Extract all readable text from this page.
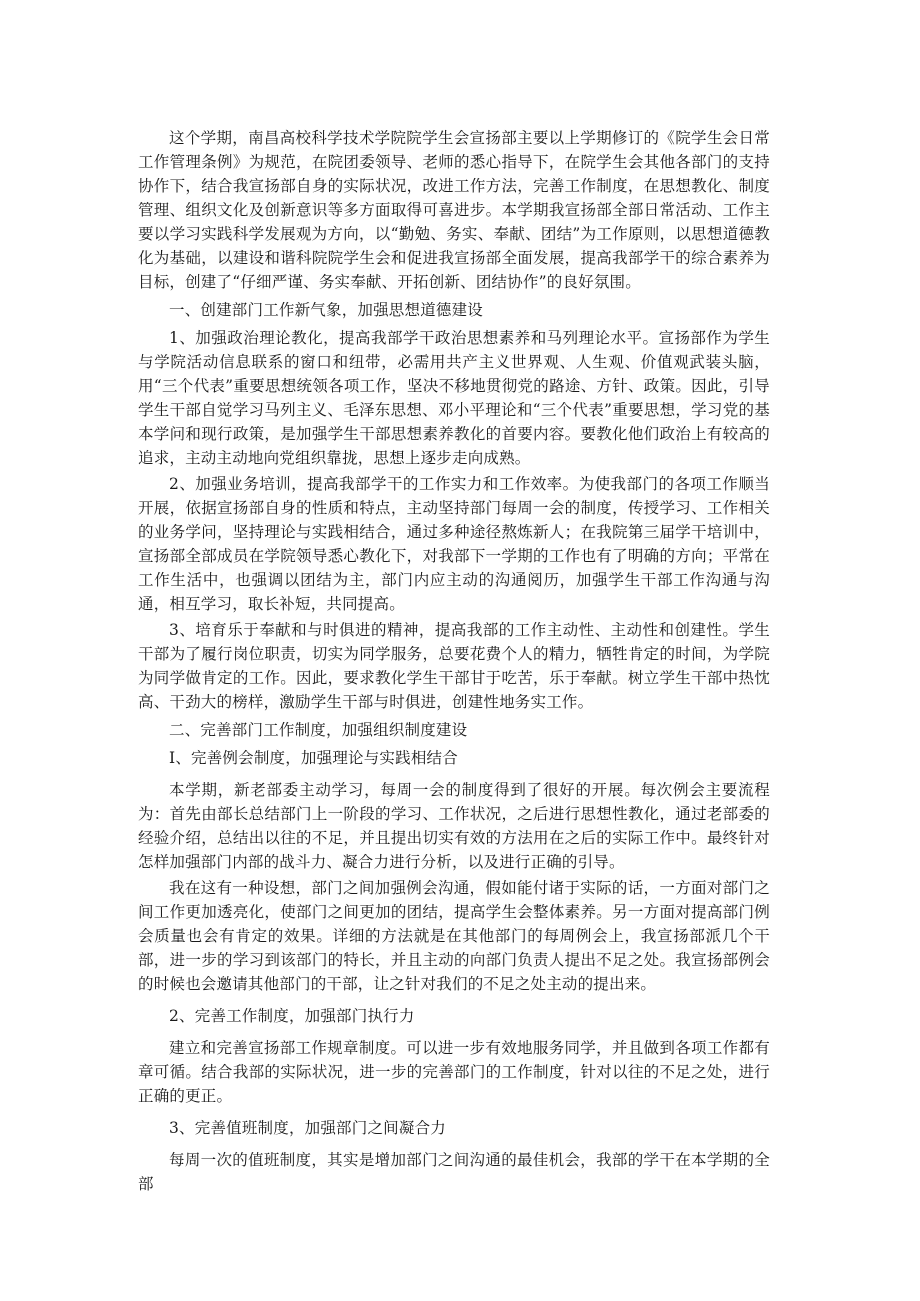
这个学期，南昌高校科学技术学院院学生会宣扬部主要以上学期修订的《院学生会日常工作管理条例》为规范，在院团委领导、老师的悉心指导下，在院学生会其他各部门的支持协作下，结合我宣扬部自身的实际状况，改进工作方法，完善工作制度，在思想教化、制度管理、组织文化及创新意识等多方面取得可喜进步。本学期我宣扬部全部日常活动、工作主要以学习实践科学发展观为方向，以“勤勉、务实、奉献、团结”为工作原则，以思想道德教化为基础，以建设和谐科院院学生会和促进我宣扬部全面发展，提高我部学干的综合素养为目标，创建了“仔细严谨、务实奉献、开拓创新、团结协作”的良好氛围。

一、创建部门工作新气象，加强思想道德建设

1、加强政治理论教化，提高我部学干政治思想素养和马列理论水平。宣扬部作为学生与学院活动信息联系的窗口和纽带，必需用共产主义世界观、人生观、价值观武装头脑，用“三个代表”重要思想统领各项工作，坚决不移地贯彻党的路途、方针、政策。因此，引导学生干部自觉学习马列主义、毛泽东思想、邓小平理论和“三个代表”重要思想，学习党的基本学问和现行政策，是加强学生干部思想素养教化的首要内容。要教化他们政治上有较高的追求，主动主动地向党组织靠拢，思想上逐步走向成熟。

2、加强业务培训，提高我部学干的工作实力和工作效率。为使我部门的各项工作顺当开展，依据宣扬部自身的性质和特点，主动坚持部门每周一会的制度，传授学习、工作相关的业务学问，坚持理论与实践相结合，通过多种途径熬炼新人；在我院第三届学干培训中，宣扬部全部成员在学院领导悉心教化下，对我部下一学期的工作也有了明确的方向；平常在工作生活中，也强调以团结为主，部门内应主动的沟通阅历，加强学生干部工作沟通与沟通，相互学习，取长补短，共同提高。

3、培育乐于奉献和与时俱进的精神，提高我部的工作主动性、主动性和创建性。学生干部为了履行岗位职责，切实为同学服务，总要花费个人的精力，牺牲肯定的时间，为学院为同学做肯定的工作。因此，要求教化学生干部甘于吃苦，乐于奉献。树立学生干部中热忱高、干劲大的榜样，激励学生干部与时俱进，创建性地务实工作。

二、完善部门工作制度，加强组织制度建设

I、完善例会制度，加强理论与实践相结合

本学期，新老部委主动学习，每周一会的制度得到了很好的开展。每次例会主要流程为：首先由部长总结部门上一阶段的学习、工作状况，之后进行思想性教化，通过老部委的经验介绍，总结出以往的不足，并且提出切实有效的方法用在之后的实际工作中。最终针对怎样加强部门内部的战斗力、凝合力进行分析，以及进行正确的引导。

我在这有一种设想，部门之间加强例会沟通，假如能付诸于实际的话，一方面对部门之间工作更加透亮化，使部门之间更加的团结，提高学生会整体素养。另一方面对提高部门例会质量也会有肯定的效果。详细的方法就是在其他部门的每周例会上，我宣扬部派几个干部，进一步的学习到该部门的特长，并且主动的向部门负责人提出不足之处。我宣扬部例会的时候也会邀请其他部门的干部，让之针对我们的不足之处主动的提出来。

2、完善工作制度，加强部门执行力

建立和完善宣扬部工作规章制度。可以进一步有效地服务同学，并且做到各项工作都有章可循。结合我部的实际状况，进一步的完善部门的工作制度，针对以往的不足之处，进行正确的更正。

3、完善值班制度，加强部门之间凝合力

每周一次的值班制度，其实是增加部门之间沟通的最佳机会，我部的学干在本学期的全部
